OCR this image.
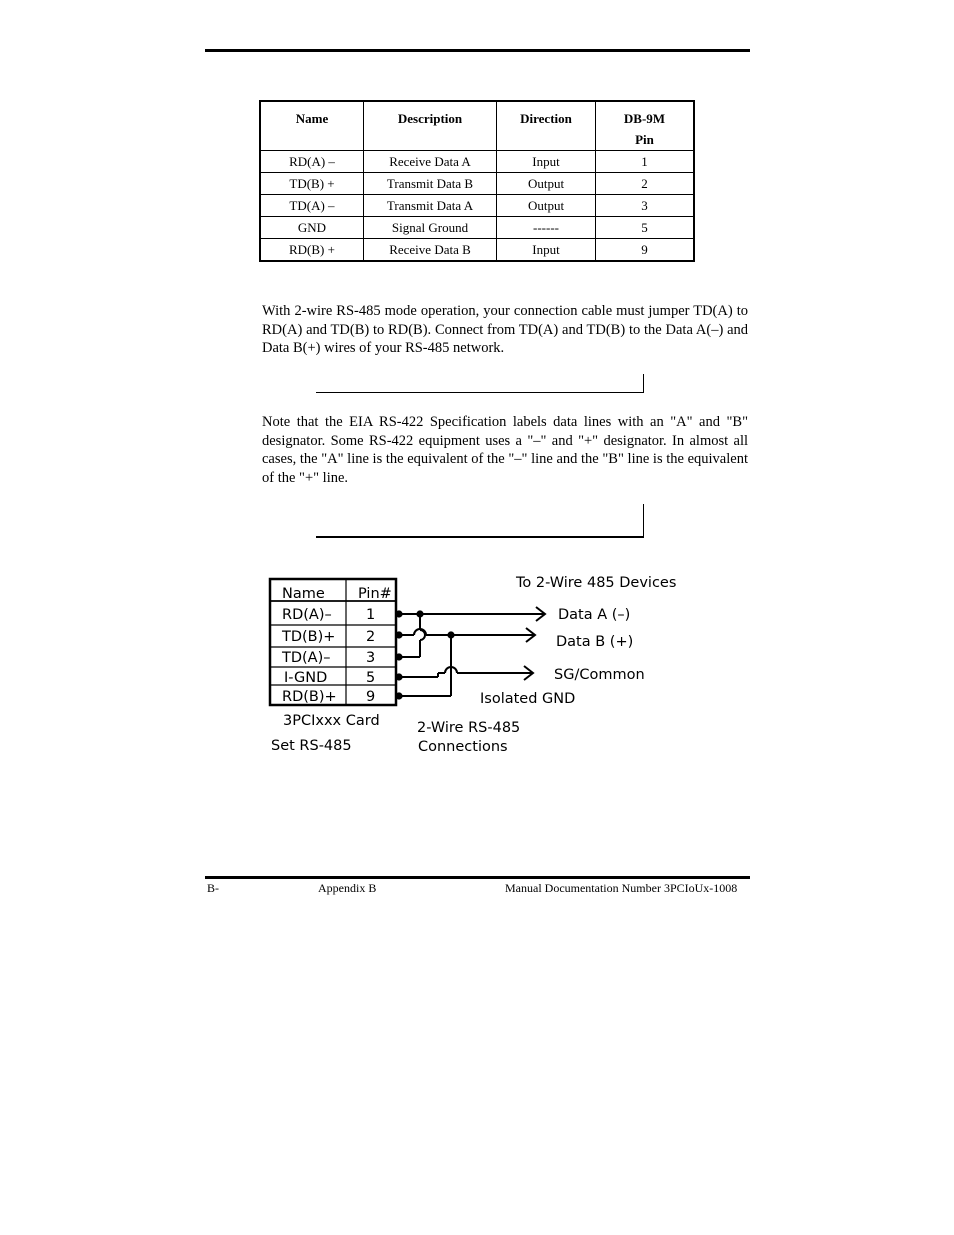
Name	Description	Direction	DB-9M Pin
RD(A) –	Receive Data A	Input	1
TD(B) +	Transmit Data B	Output	2
TD(A) –	Transmit Data A	Output	3
GND	Signal Ground	------	5
RD(B) +	Receive Data B	Input	9

With 2-wire RS-485 mode operation, your connection cable must jumper TD(A) to RD(A) and TD(B) to RD(B). Connect from TD(A) and TD(B) to the Data A(–) and Data B(+) wires of your RS-485 network.

Note that the EIA RS-422 Specification labels data lines with an "A" and "B" designator. Some RS-422 equipment uses a "–" and "+" designator. In almost all cases, the "A" line is the equivalent of the "–" line and the "B" line is the equivalent of the "+" line.

Name Pin#
RD(A)– 1
TD(B)+ 2
TD(A)– 3
I-GND	5
RD(B)+ 9
To 2-Wire 485 Devices
Data A (–)
Data B (+)
SG/Common
Isolated GND
3PCIxxx Card	2-Wire RS-485
Set RS-485	Connections
B-	Appendix B	Manual Documentation Number 3PCIoUx-1008
